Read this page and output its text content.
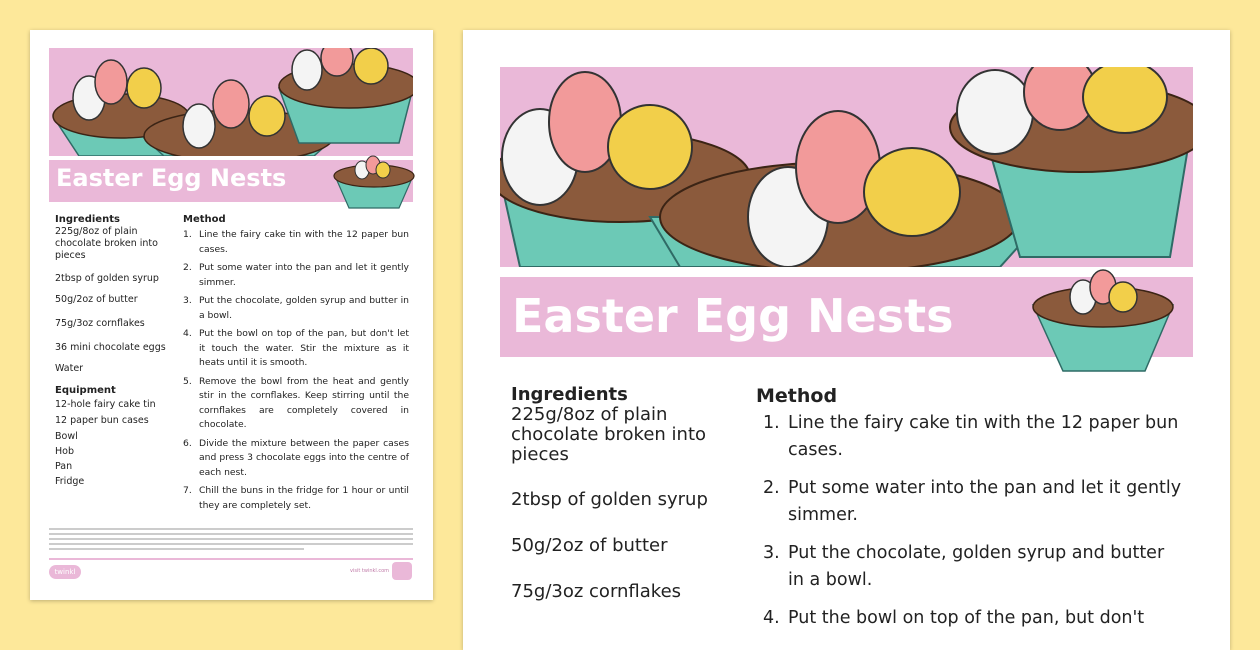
Easter Egg Nests
Ingredients
225g/8oz of plain chocolate broken into pieces
2tbsp of golden syrup
50g/2oz of butter
75g/3oz cornflakes
36 mini chocolate eggs
Water
Equipment
12-hole fairy cake tin
12 paper bun cases
Bowl
Hob
Pan
Fridge
Method
1. Line the fairy cake tin with the 12 paper bun cases.
2. Put some water into the pan and let it gently simmer.
3. Put the chocolate, golden syrup and butter in a bowl.
4. Put the bowl on top of the pan, but don't let it touch the water. Stir the mixture as it heats until it is smooth.
5. Remove the bowl from the heat and gently stir in the cornflakes. Keep stirring until the cornflakes are completely covered in chocolate.
6. Divide the mixture between the paper cases and press 3 chocolate eggs into the centre of each nest.
7. Chill the buns in the fridge for 1 hour or until they are completely set.
twinkl	visit twinkl.com
Easter Egg Nests
Ingredients
225g/8oz of plain
chocolate broken into
pieces
2tbsp of golden syrup
50g/2oz of butter
75g/3oz cornflakes
Method
1. Line the fairy cake tin with the 12 paper bun
cases.
2. Put some water into the pan and let it gently
simmer.
3. Put the chocolate, golden syrup and butter
in a bowl.
4. Put the bowl on top of the pan, but don't
